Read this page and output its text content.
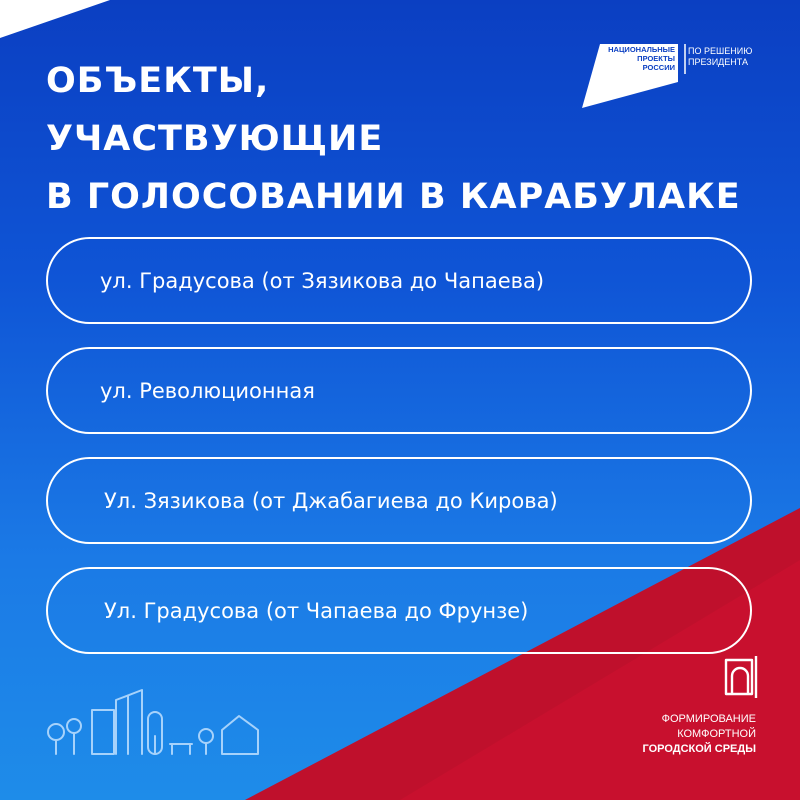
ОБЪЕКТЫ,
УЧАСТВУЮЩИЕ
В ГОЛОСОВАНИИ В КАРАБУЛАКЕ
НАЦИОНАЛЬНЫЕ
ПРОЕКТЫ
РОССИИ
ПО РЕШЕНИЮ
ПРЕЗИДЕНТА
ул. Градусова (от Зязикова до Чапаева)
ул. Революционная
Ул. Зязикова (от Джабагиева до Кирова)
Ул. Градусова (от Чапаева до Фрунзе)
ФОРМИРОВАНИЕ
КОМФОРТНОЙ
ГОРОДСКОЙ СРЕДЫ
